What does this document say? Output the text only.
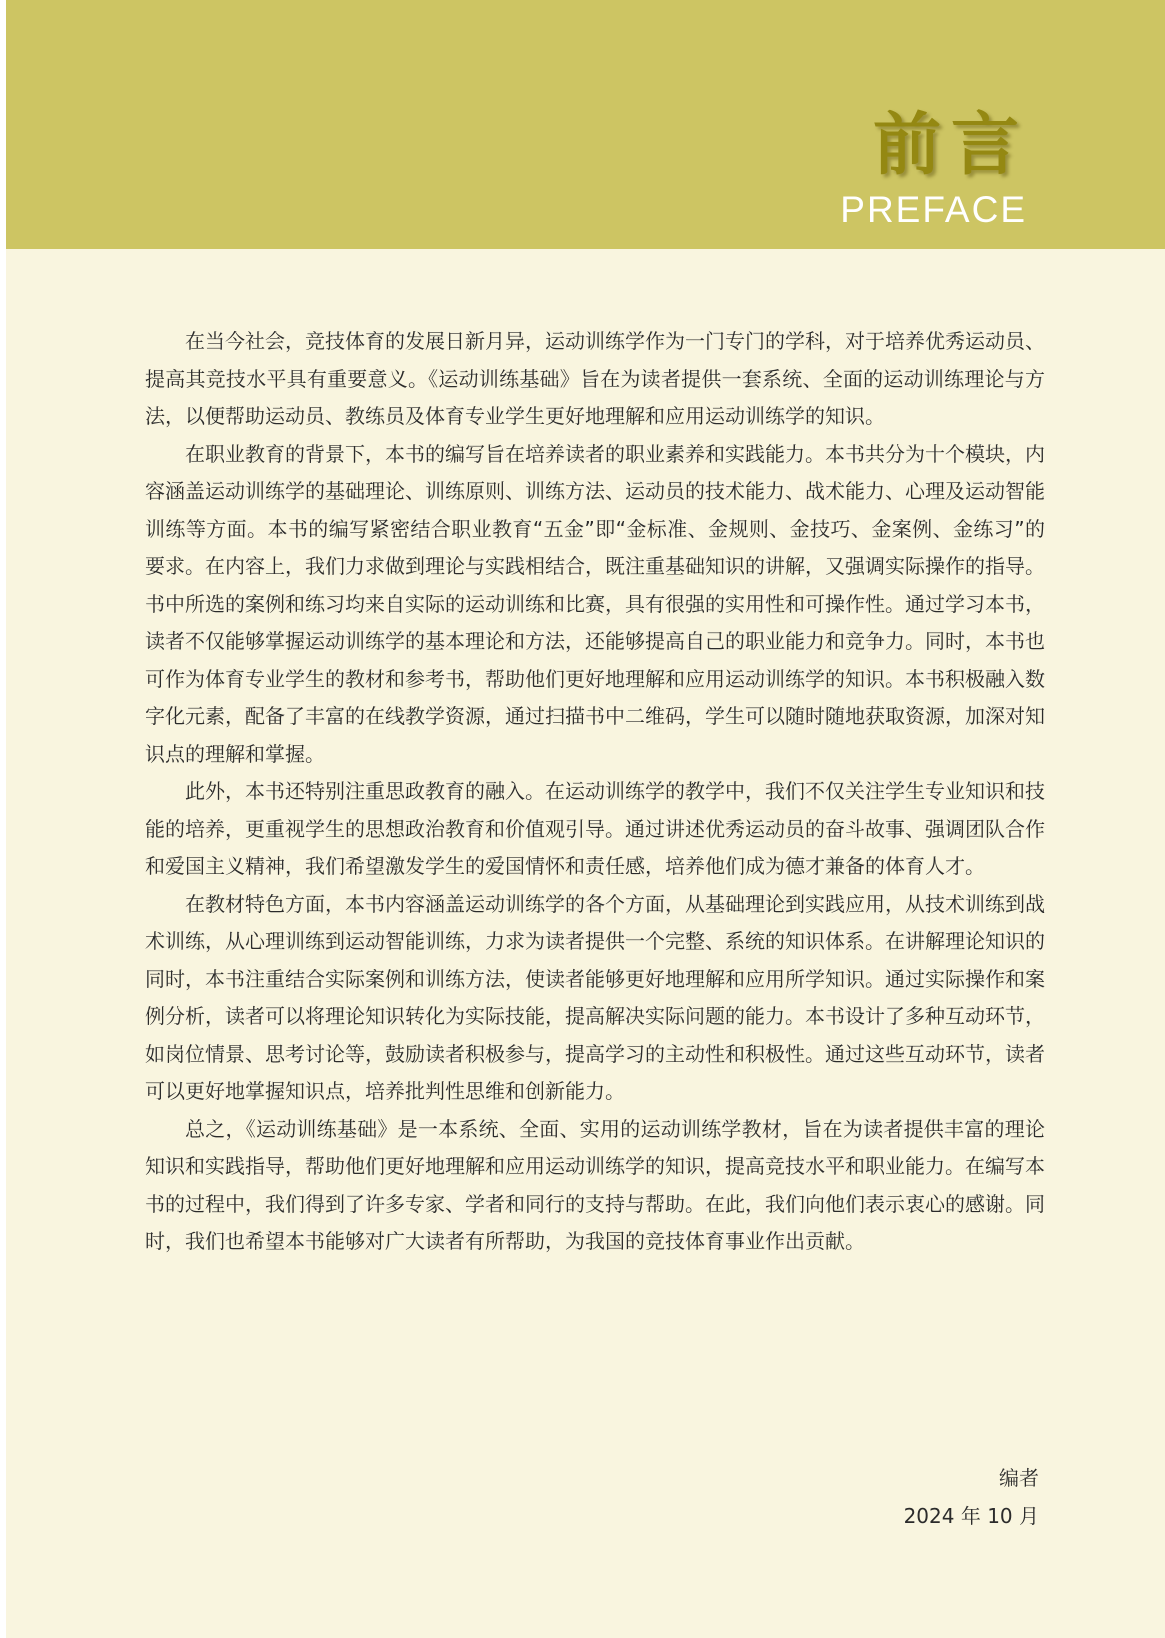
前言
PREFACE

在当今社会，竞技体育的发展日新月异，运动训练学作为一门专门的学科，对于培养优秀运动员、提高其竞技水平具有重要意义。《运动训练基础》旨在为读者提供一套系统、全面的运动训练理论与方法，以便帮助运动员、教练员及体育专业学生更好地理解和应用运动训练学的知识。

在职业教育的背景下，本书的编写旨在培养读者的职业素养和实践能力。本书共分为十个模块，内容涵盖运动训练学的基础理论、训练原则、训练方法、运动员的技术能力、战术能力、心理及运动智能训练等方面。本书的编写紧密结合职业教育“五金”即“金标准、金规则、金技巧、金案例、金练习”的要求。在内容上，我们力求做到理论与实践相结合，既注重基础知识的讲解，又强调实际操作的指导。书中所选的案例和练习均来自实际的运动训练和比赛，具有很强的实用性和可操作性。通过学习本书，读者不仅能够掌握运动训练学的基本理论和方法，还能够提高自己的职业能力和竞争力。同时，本书也可作为体育专业学生的教材和参考书，帮助他们更好地理解和应用运动训练学的知识。本书积极融入数字化元素，配备了丰富的在线教学资源，通过扫描书中二维码，学生可以随时随地获取资源，加深对知识点的理解和掌握。

此外，本书还特别注重思政教育的融入。在运动训练学的教学中，我们不仅关注学生专业知识和技能的培养，更重视学生的思想政治教育和价值观引导。通过讲述优秀运动员的奋斗故事、强调团队合作和爱国主义精神，我们希望激发学生的爱国情怀和责任感，培养他们成为德才兼备的体育人才。

在教材特色方面，本书内容涵盖运动训练学的各个方面，从基础理论到实践应用，从技术训练到战术训练，从心理训练到运动智能训练，力求为读者提供一个完整、系统的知识体系。在讲解理论知识的同时，本书注重结合实际案例和训练方法，使读者能够更好地理解和应用所学知识。通过实际操作和案例分析，读者可以将理论知识转化为实际技能，提高解决实际问题的能力。本书设计了多种互动环节，如岗位情景、思考讨论等，鼓励读者积极参与，提高学习的主动性和积极性。通过这些互动环节，读者可以更好地掌握知识点，培养批判性思维和创新能力。

总之，《运动训练基础》是一本系统、全面、实用的运动训练学教材，旨在为读者提供丰富的理论知识和实践指导，帮助他们更好地理解和应用运动训练学的知识，提高竞技水平和职业能力。在编写本书的过程中，我们得到了许多专家、学者和同行的支持与帮助。在此，我们向他们表示衷心的感谢。同时，我们也希望本书能够对广大读者有所帮助，为我国的竞技体育事业作出贡献。

编者
2024 年 10 月
